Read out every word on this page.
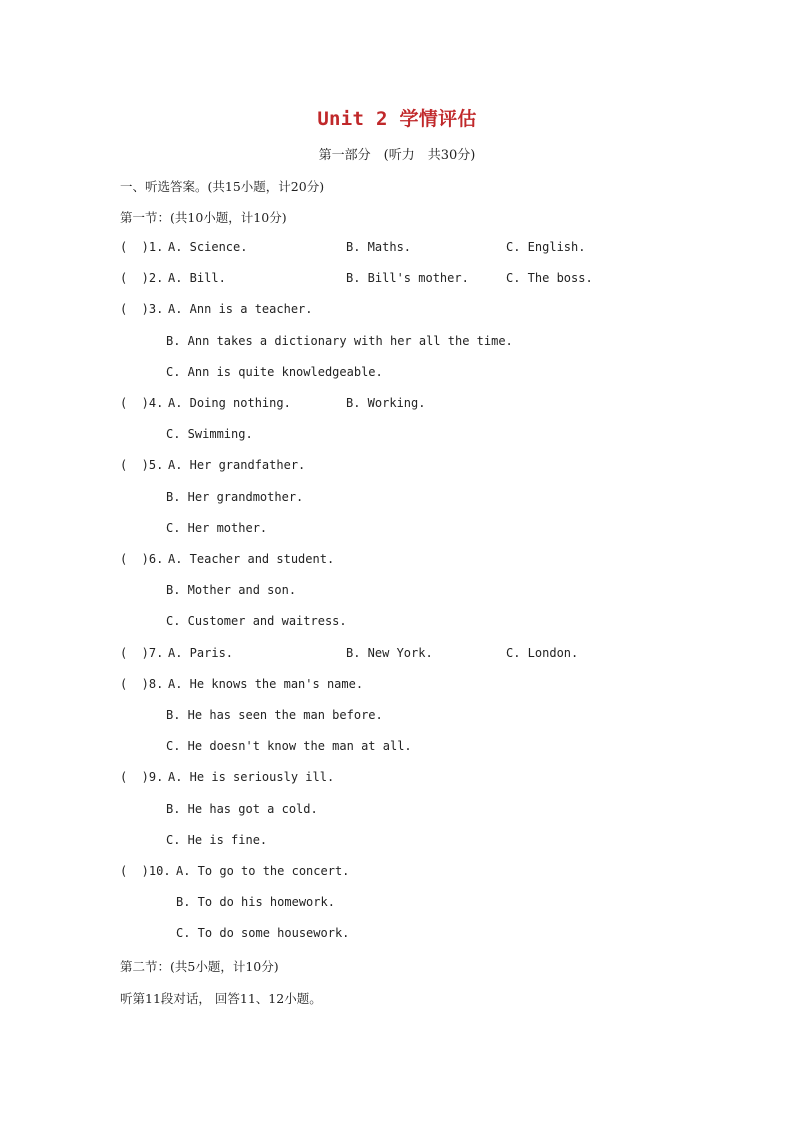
Unit 2 学情评估
第一部分　(听力　共30分)
一、听选答案。(共15小题，计20分)
第一节：(共10小题，计10分)
(  )1. A. Science.	B. Maths.	C. English.
(  )2. A. Bill.	B. Bill's mother.	C. The boss.
(  )3. A. Ann is a teacher.
B. Ann takes a dictionary with her all the time.
C. Ann is quite knowledgeable.
(  )4. A. Doing nothing.	B. Working.
C. Swimming.
(  )5. A. Her grandfather.
B. Her grandmother.
C. Her mother.
(  )6. A. Teacher and student.
B. Mother and son.
C. Customer and waitress.
(  )7. A. Paris.	B. New York.	C. London.
(  )8. A. He knows the man's name.
B. He has seen the man before.
C. He doesn't know the man at all.
(  )9. A. He is seriously ill.
B. He has got a cold.
C. He is fine.
(  )10. A. To go to the concert.
B. To do his homework.
C. To do some housework.
第二节：(共5小题，计10分)
听第11段对话， 回答11、12小题。
